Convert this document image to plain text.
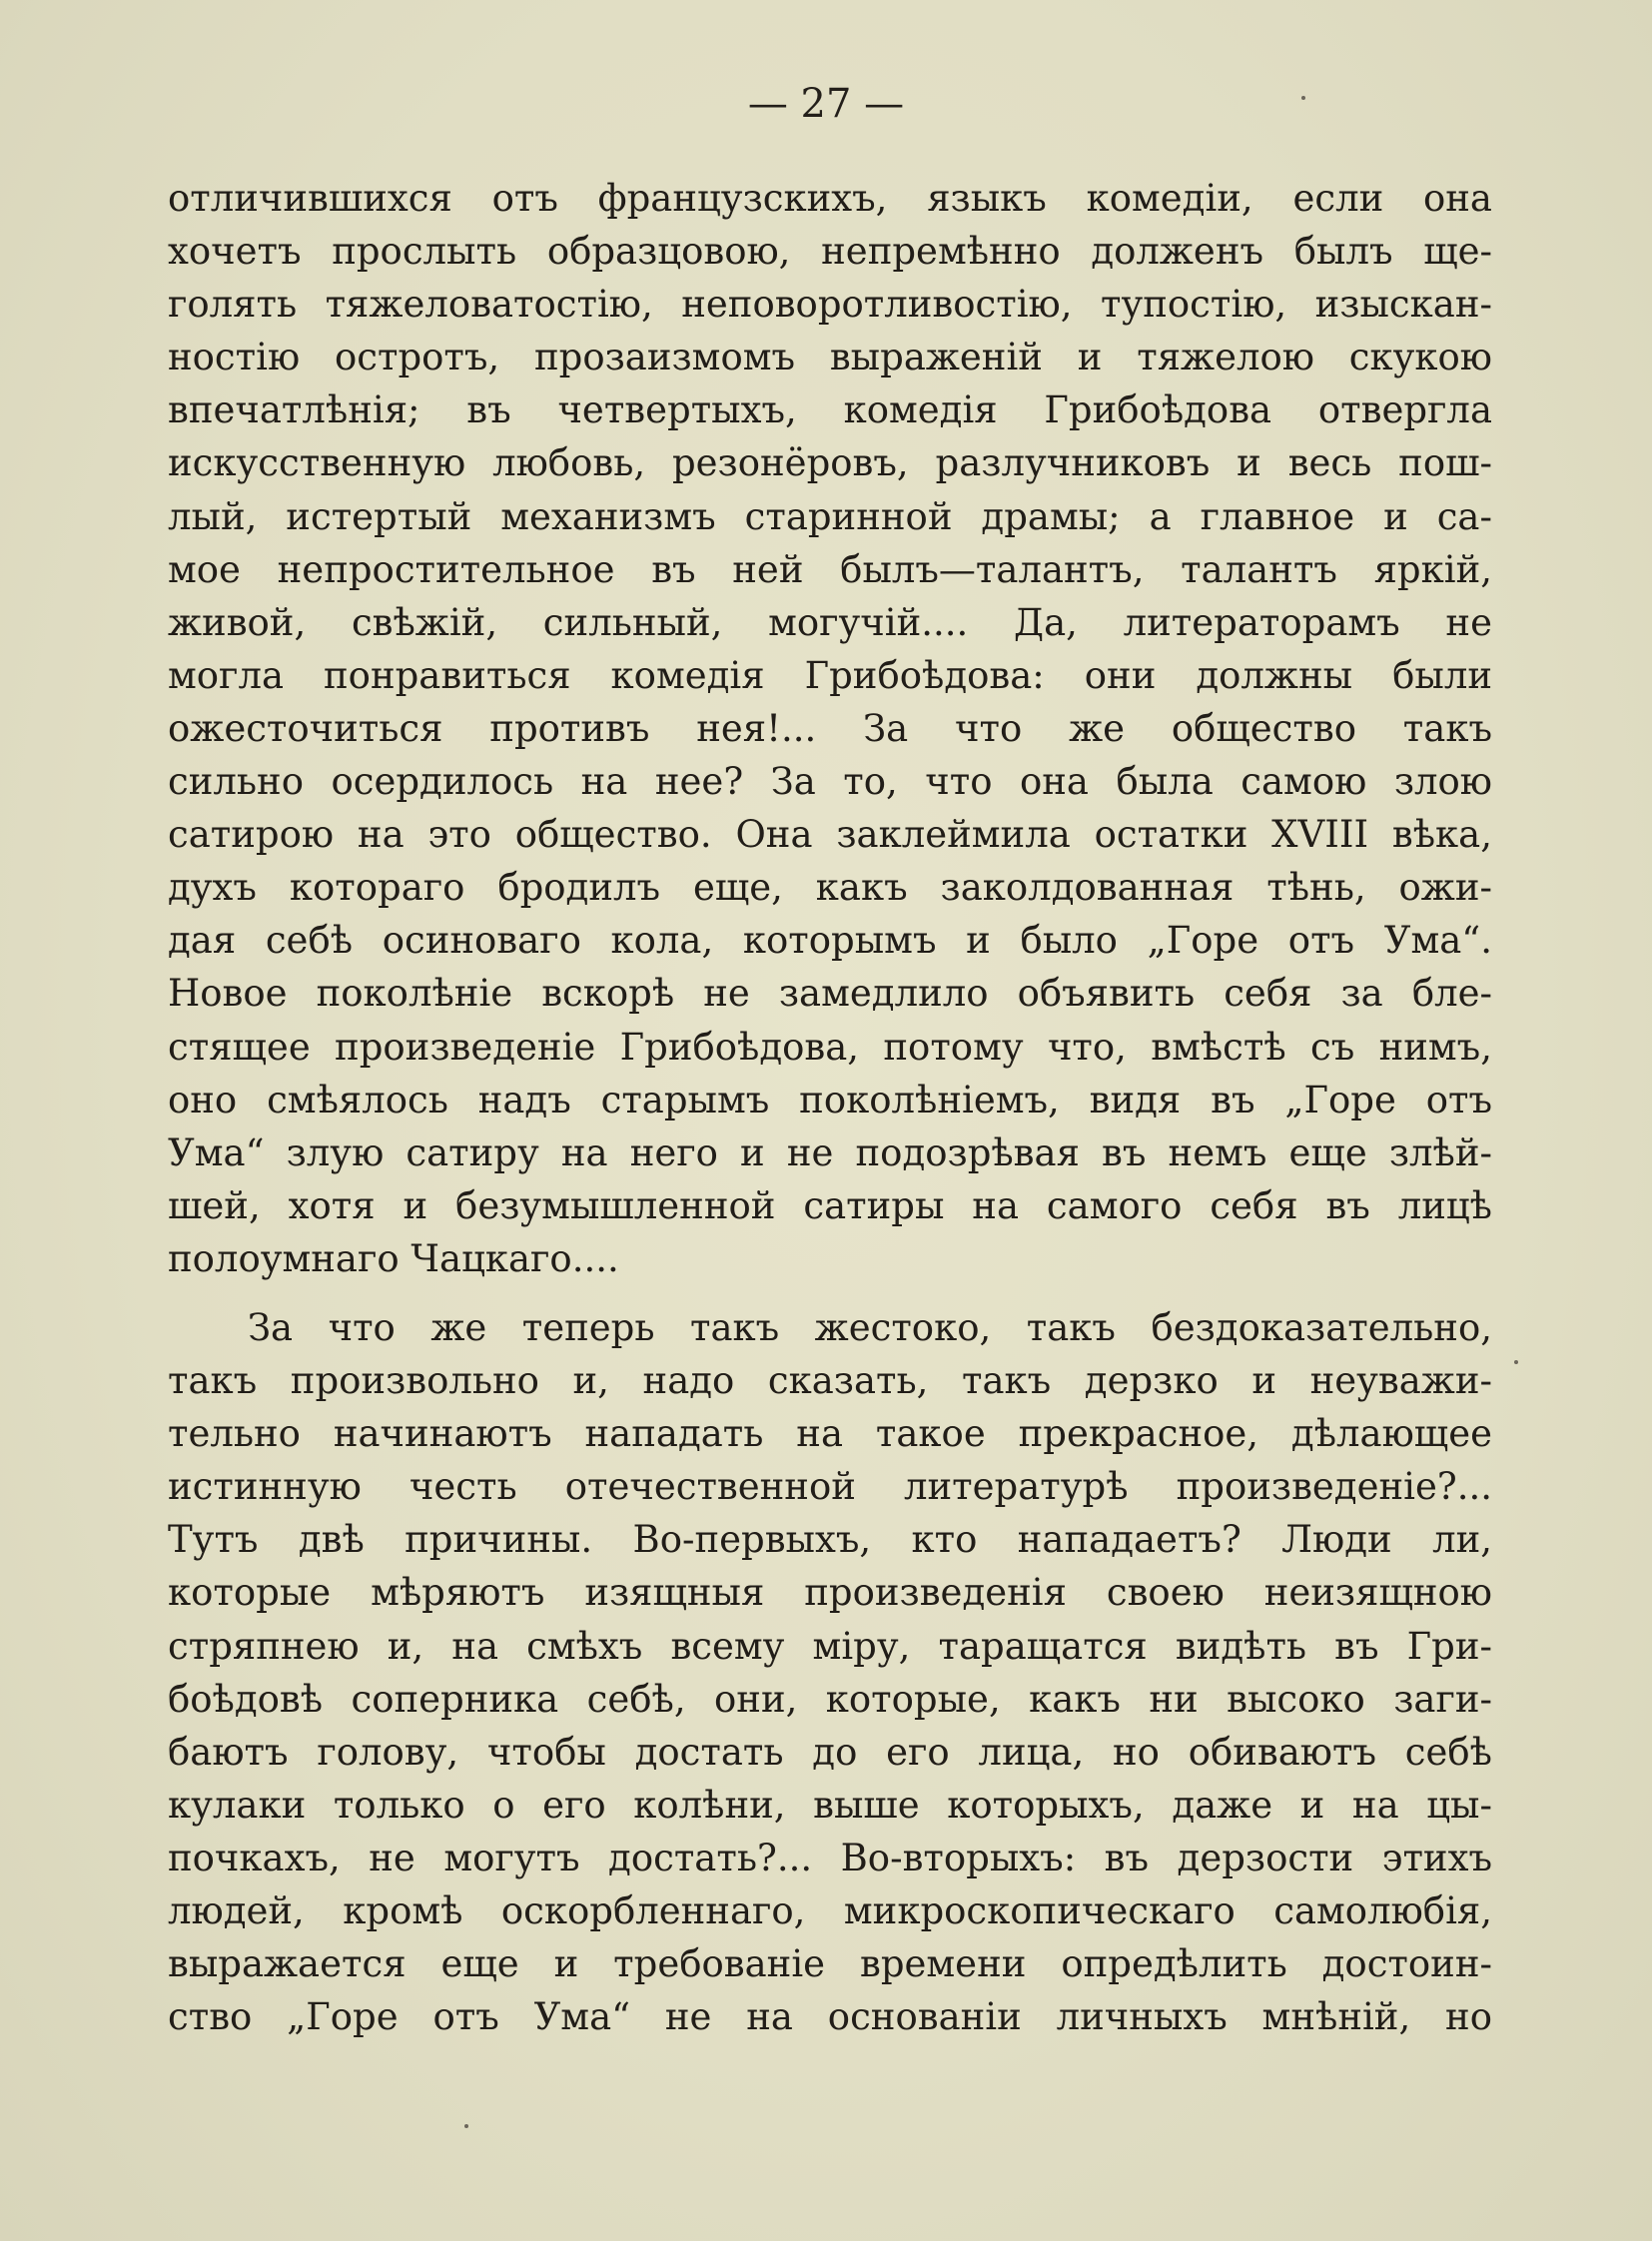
— 27 —
отличившихся отъ французскихъ, языкъ комедіи, если она
хочетъ прослыть образцовою, непремѣнно долженъ былъ ще-
голять тяжеловатостію, неповоротливостію, тупостію, изыскан-
ностію остротъ, прозаизмомъ выраженій и тяжелою скукою
впечатлѣнія; въ четвертыхъ, комедія Грибоѣдова отвергла
искусственную любовь, резонёровъ, разлучниковъ и весь пош-
лый, истертый механизмъ старинной драмы; а главное и са-
мое непростительное въ ней былъ—талантъ, талантъ яркій,
живой, свѣжій, сильный, могучій.... Да, литераторамъ не
могла понравиться комедія Грибоѣдова: они должны были
ожесточиться противъ нея!... За что же общество такъ
сильно осердилось на нее? За то, что она была самою злою
сатирою на это общество. Она заклеймила остатки XVIII вѣка,
духъ котораго бродилъ еще, какъ заколдованная тѣнь, ожи-
дая себѣ осиноваго кола, которымъ и было „Горе отъ Ума“.
Новое поколѣніе вскорѣ не замедлило объявить себя за бле-
стящее произведеніе Грибоѣдова, потому что, вмѣстѣ съ нимъ,
оно смѣялось надъ старымъ поколѣніемъ, видя въ „Горе отъ
Ума“ злую сатиру на него и не подозрѣвая въ немъ еще злѣй-
шей, хотя и безумышленной сатиры на самого себя въ лицѣ
полоумнаго Чацкаго....
За что же теперь такъ жестоко, такъ бездоказательно,
такъ произвольно и, надо сказать, такъ дерзко и неуважи-
тельно начинаютъ нападать на такое прекрасное, дѣлающее
истинную честь отечественной литературѣ произведеніе?...
Тутъ двѣ причины. Во-первыхъ, кто нападаетъ? Люди ли,
которые мѣряютъ изящныя произведенія своею неизящною
стряпнею и, на смѣхъ всему міру, таращатся видѣть въ Гри-
боѣдовѣ соперника себѣ, они, которые, какъ ни высоко заги-
баютъ голову, чтобы достать до его лица, но обиваютъ себѣ
кулаки только о его колѣни, выше которыхъ, даже и на цы-
почкахъ, не могутъ достать?... Во-вторыхъ: въ дерзости этихъ
людей, кромѣ оскорбленнаго, микроскопическаго самолюбія,
выражается еще и требованіе времени опредѣлить достоин-
ство „Горе отъ Ума“ не на основаніи личныхъ мнѣній, но
